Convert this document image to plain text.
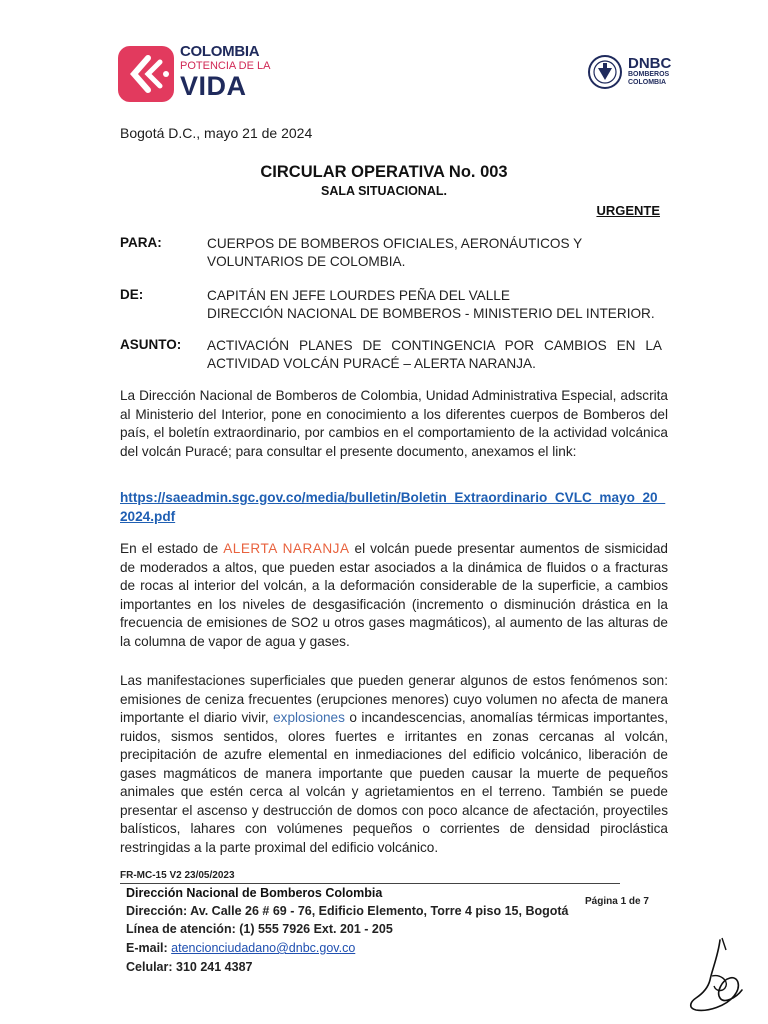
COLOMBIA
POTENCIA DE LA
VIDA
DNBC
BOMBEROS
COLOMBIA
Bogotá D.C., mayo 21 de 2024
CIRCULAR OPERATIVA No. 003
SALA SITUACIONAL.
URGENTE
PARA:	CUERPOS DE BOMBEROS OFICIALES, AERONÁUTICOS Y VOLUNTARIOS DE COLOMBIA.
DE:	CAPITÁN EN JEFE LOURDES PEÑA DEL VALLE
DIRECCIÓN NACIONAL DE BOMBEROS - MINISTERIO DEL INTERIOR.
ASUNTO: ACTIVACIÓN PLANES DE CONTINGENCIA POR CAMBIOS EN LA ACTIVIDAD VOLCÁN PURACÉ – ALERTA NARANJA.
La Dirección Nacional de Bomberos de Colombia, Unidad Administrativa Especial, adscrita al Ministerio del Interior, pone en conocimiento a los diferentes cuerpos de Bomberos del país, el boletín extraordinario, por cambios en el comportamiento de la actividad volcánica del volcán Puracé; para consultar el presente documento, anexamos el link:
https://saeadmin.sgc.gov.co/media/bulletin/Boletin_Extraordinario_CVLC_mayo_20_2024.pdf
En el estado de ALERTA NARANJA el volcán puede presentar aumentos de sismicidad de moderados a altos, que pueden estar asociados a la dinámica de fluidos o a fracturas de rocas al interior del volcán, a la deformación considerable de la superficie, a cambios importantes en los niveles de desgasificación (incremento o disminución drástica en la frecuencia de emisiones de SO2 u otros gases magmáticos), al aumento de las alturas de la columna de vapor de agua y gases.
Las manifestaciones superficiales que pueden generar algunos de estos fenómenos son: emisiones de ceniza frecuentes (erupciones menores) cuyo volumen no afecta de manera importante el diario vivir, explosiones o incandescencias, anomalías térmicas importantes, ruidos, sismos sentidos, olores fuertes e irritantes en zonas cercanas al volcán, precipitación de azufre elemental en inmediaciones del edificio volcánico, liberación de gases magmáticos de manera importante que pueden causar la muerte de pequeños animales que estén cerca al volcán y agrietamientos en el terreno. También se puede presentar el ascenso y destrucción de domos con poco alcance de afectación, proyectiles balísticos, lahares con volúmenes pequeños o corrientes de densidad piroclástica restringidas a la parte proximal del edificio volcánico.
FR-MC-15 V2 23/05/2023
Dirección Nacional de Bomberos Colombia
Dirección: Av. Calle 26 # 69 - 76, Edificio Elemento, Torre 4 piso 15, Bogotá
Página 1 de 7
Línea de atención: (1) 555 7926 Ext. 201 - 205
E-mail: atencionciudadano@dnbc.gov.co
Celular: 310 241 4387
